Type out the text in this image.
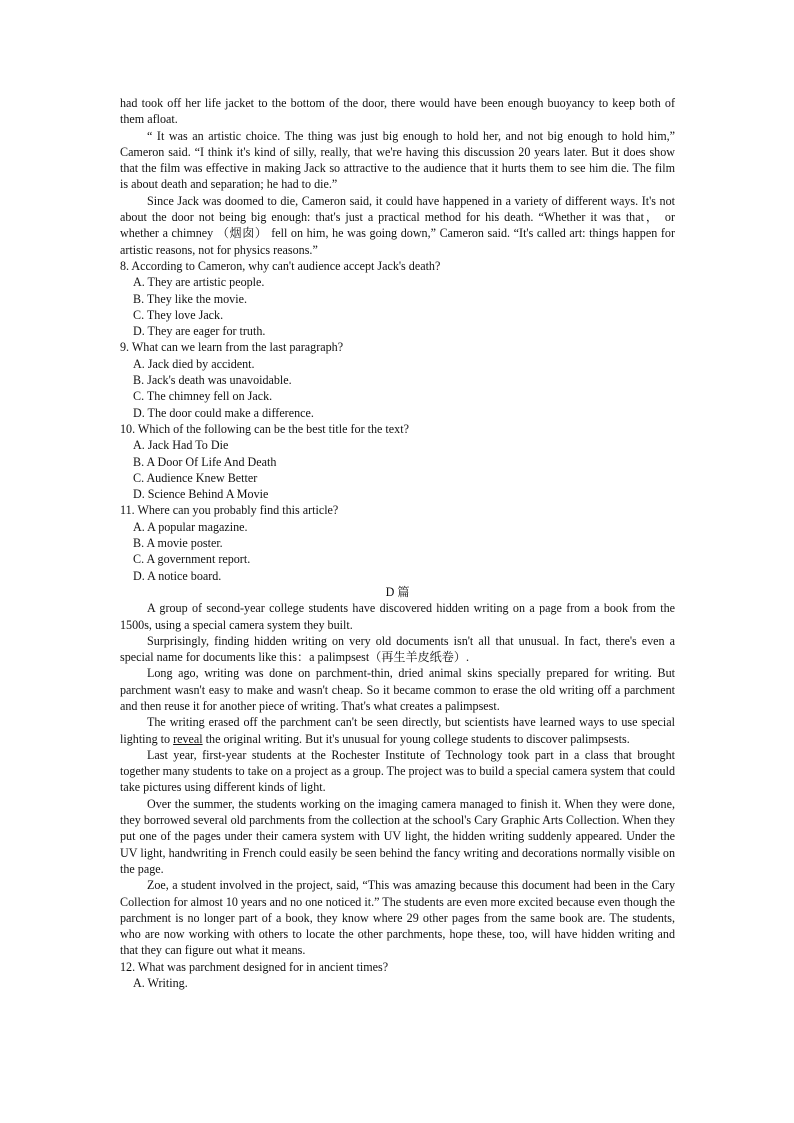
had took off her life jacket to the bottom of the door, there would have been enough buoyancy to keep both of them afloat.

“ It was an artistic choice. The thing was just big enough to hold her, and not big enough to hold him,” Cameron said. “I think it's kind of silly, really, that we're having this discussion 20 years later. But it does show that the film was effective in making Jack so attractive to the audience that it hurts them to see him die. The film is about death and separation; he had to die.”

Since Jack was doomed to die, Cameron said, it could have happened in a variety of different ways. It's not about the door not being big enough: that's just a practical method for his death. “Whether it was that， or whether a chimney （烟囱） fell on him, he was going down,” Cameron said. “It's called art: things happen for artistic reasons, not for physics reasons.”

8. According to Cameron, why can't audience accept Jack's death?
A. They are artistic people.
B. They like the movie.
C. They love Jack.
D. They are eager for truth.
9. What can we learn from the last paragraph?
A. Jack died by accident.
B. Jack's death was unavoidable.
C. The chimney fell on Jack.
D. The door could make a difference.
10. Which of the following can be the best title for the text?
A. Jack Had To Die
B. A Door Of Life And Death
C. Audience Knew Better
D. Science Behind A Movie
11. Where can you probably find this article?
A. A popular magazine.
B. A movie poster.
C. A government report.
D. A notice board.
D 篇

A group of second-year college students have discovered hidden writing on a page from a book from the 1500s, using a special camera system they built.

Surprisingly, finding hidden writing on very old documents isn't all that unusual. In fact, there's even a special name for documents like this：a palimpsest（再生羊皮纸卷）.

Long ago, writing was done on parchment-thin, dried animal skins specially prepared for writing. But parchment wasn't easy to make and wasn't cheap. So it became common to erase the old writing off a parchment and then reuse it for another piece of writing. That's what creates a palimpsest.

The writing erased off the parchment can't be seen directly, but scientists have learned ways to use special lighting to reveal the original writing. But it's unusual for young college students to discover palimpsests.

Last year, first-year students at the Rochester Institute of Technology took part in a class that brought together many students to take on a project as a group. The project was to build a special camera system that could take pictures using different kinds of light.

Over the summer, the students working on the imaging camera managed to finish it. When they were done, they borrowed several old parchments from the collection at the school's Cary Graphic Arts Collection. When they put one of the pages under their camera system with UV light, the hidden writing suddenly appeared. Under the UV light, handwriting in French could easily be seen behind the fancy writing and decorations normally visible on the page.

Zoe, a student involved in the project, said, “This was amazing because this document had been in the Cary Collection for almost 10 years and no one noticed it.” The students are even more excited because even though the parchment is no longer part of a book, they know where 29 other pages from the same book are. The students, who are now working with others to locate the other parchments, hope these, too, will have hidden writing and that they can figure out what it means.

12. What was parchment designed for in ancient times?
A. Writing.
